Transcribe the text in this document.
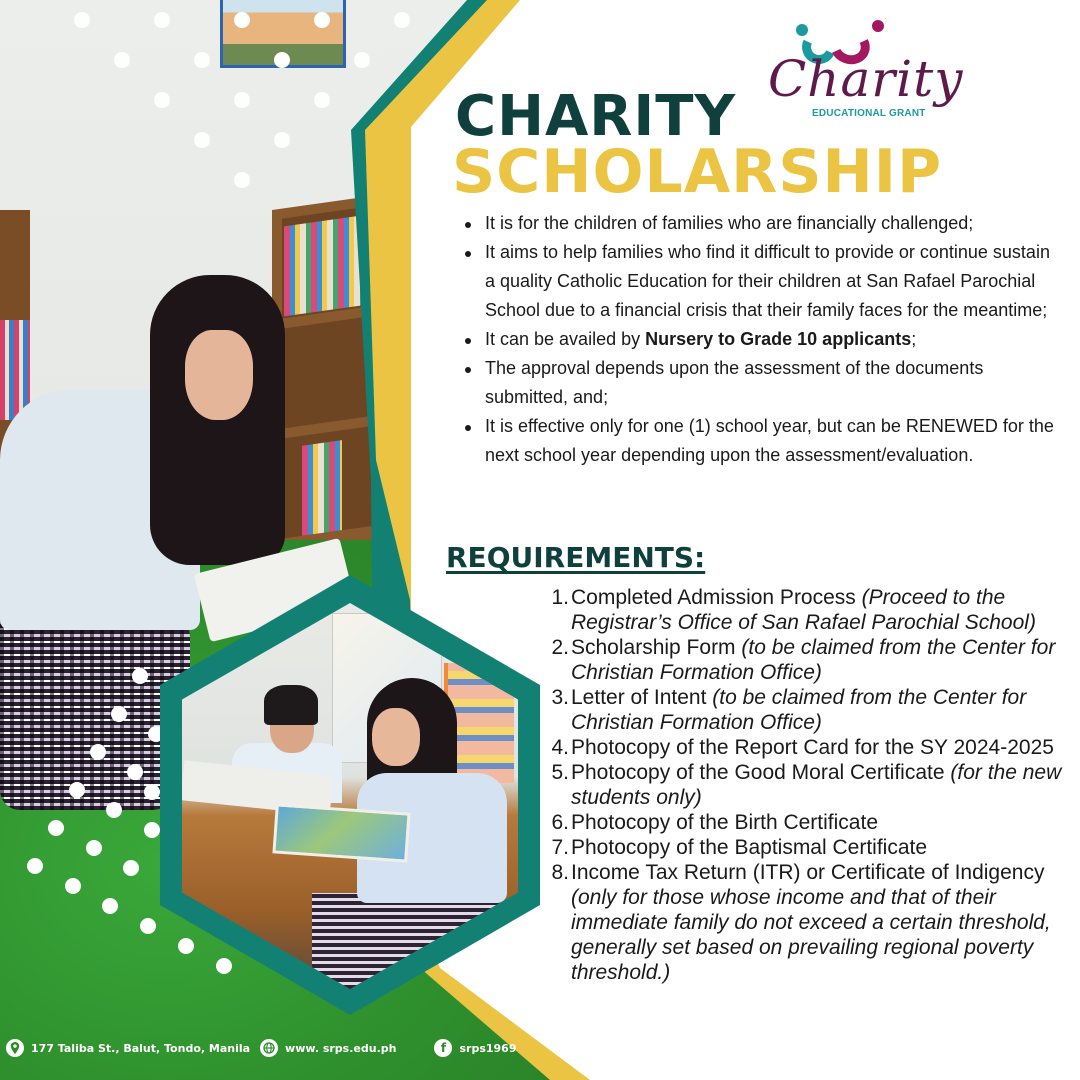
Charity
EDUCATIONAL GRANT
CHARITY
SCHOLARSHIP
It is for the children of families who are financially challenged;
It aims to help families who find it difficult to provide or continue sustain a quality Catholic Education for their children at San Rafael Parochial School due to a financial crisis that their family faces for the meantime;
It can be availed by Nursery to Grade 10 applicants;
The approval depends upon the assessment of the documents submitted, and;
It is effective only for one (1) school year, but can be RENEWED for the next school year depending upon the assessment/evaluation.
REQUIREMENTS:
1. Completed Admission Process (Proceed to the Registrar’s Office of San Rafael Parochial School)
2. Scholarship Form (to be claimed from the Center for Christian Formation Office)
3. Letter of Intent (to be claimed from the Center for Christian Formation Office)
4. Photocopy of the Report Card for the SY 2024-2025
5. Photocopy of the Good Moral Certificate (for the new students only)
6. Photocopy of the Birth Certificate
7. Photocopy of the Baptismal Certificate
8. Income Tax Return (ITR) or Certificate of Indigency (only for those whose income and that of their immediate family do not exceed a certain threshold, generally set based on prevailing regional poverty threshold.)
177 Taliba St., Balut, Tondo, Manila	www. srps.edu.ph	f	srps1969
